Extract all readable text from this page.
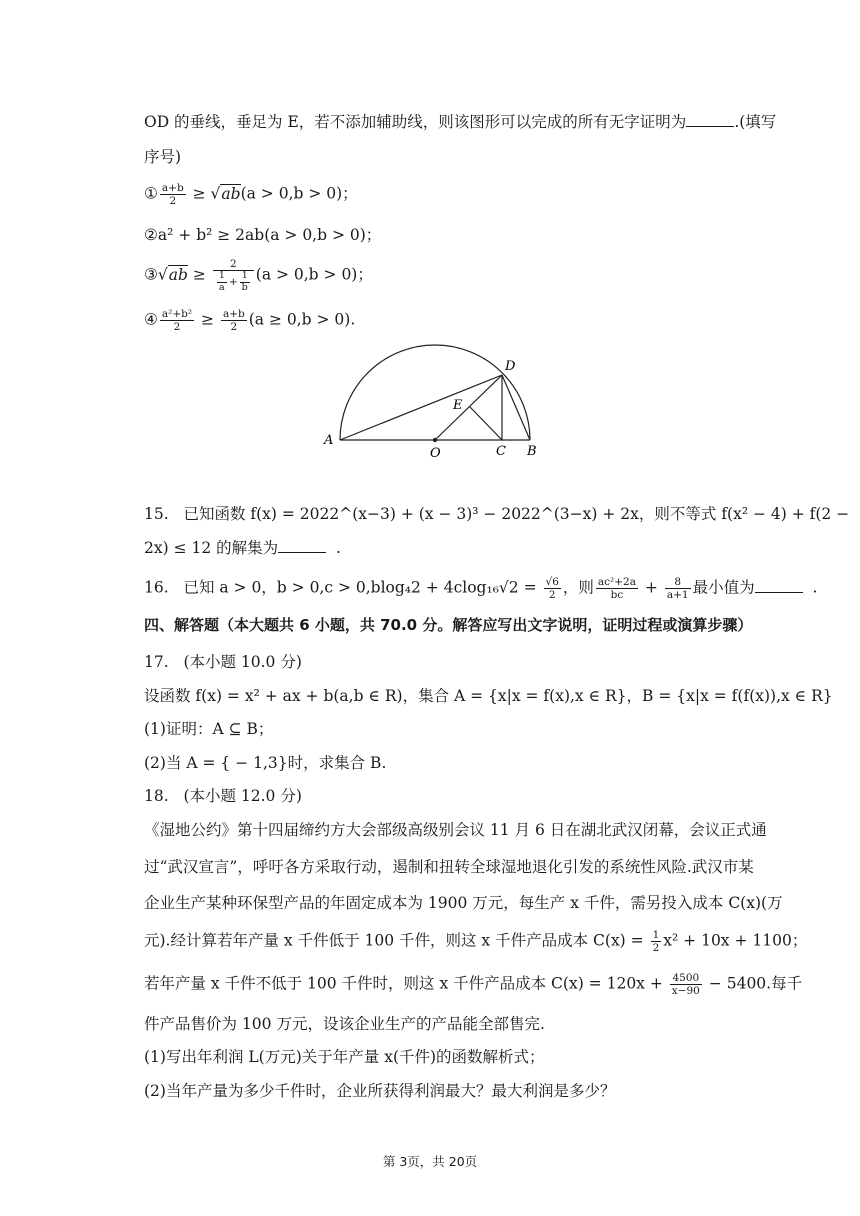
OD 的垂线，垂足为 E，若不添加辅助线，则该图形可以完成的所有无字证明为	.(填写
序号)
① $\frac{a+b}{2} \ge √ab(a > 0,b > 0)$；
②a² + b² ≥ 2ab(a > 0,b > 0)；
③√ab ≥ $\frac{2}{\frac{1}{a} + \frac{1}{b}} (a > 0,b > 0)$；
④ $\frac{\text{a²+b²}}{2} \ge \frac{a+b}{2} (a \ge 0,b > 0)$.
A
O	C B
D
E
15. 已知函数 f(x) = 2022^(x−3) + (x − 3)³ − 2022^(3−x) + 2x，则不等式 f(x² − 4) + f(2 −
2x) ≤ 12 的解集为	.
16. 已知 a > 0，$b > 0,c > 0,blog_42 + 4clog_{16}√2 = \frac{√6}{2}$ ，则 $\frac{\text{ac²+2a}}{bc} + \frac{8}{a+1}$ 最小值为	.
四、解答题（本大题共 6 小题，共 70.0 分。解答应写出文字说明，证明过程或演算步骤）
17. (本小题 10.0 分)
设函数 f(x) = x² + ax + b(a,b ∈ R)，集合 A = {x|x = f(x),x ∈ R}，B = {x|x = f(f(x)),x ∈ R}
(1)证明：A ⊆ B；
(2)当 A = { − 1,3}时，求集合 B.
18. (本小题 12.0 分)
《湿地公约》第十四届缔约方大会部级高级别会议 11 月 6 日在湖北武汉闭幕，会议正式通
过“武汉宣言”，呼吁各方采取行动，遏制和扭转全球湿地退化引发的系统性风险.武汉市某
企业生产某种环保型产品的年固定成本为 1900 万元，每生产 x 千件，需另投入成本 C(x)(万
元).经计算若年产量 x 千件低于 100 千件，则这 x 千件产品成本 $C(x) = \frac{1}{2} x^2 + 10x + 1100$；
若年产量 x 千件不低于 100 千件时，则这 x 千件产品成本 $C(x) = 120x + \frac{4500}{x-90} - 5400$.每千
件产品售价为 100 万元，设该企业生产的产品能全部售完.
(1)写出年利润 L(万元)关于年产量 x(千件)的函数解析式；
(2)当年产量为多少千件时，企业所获得利润最大？最大利润是多少？
第 3页，共 20页
